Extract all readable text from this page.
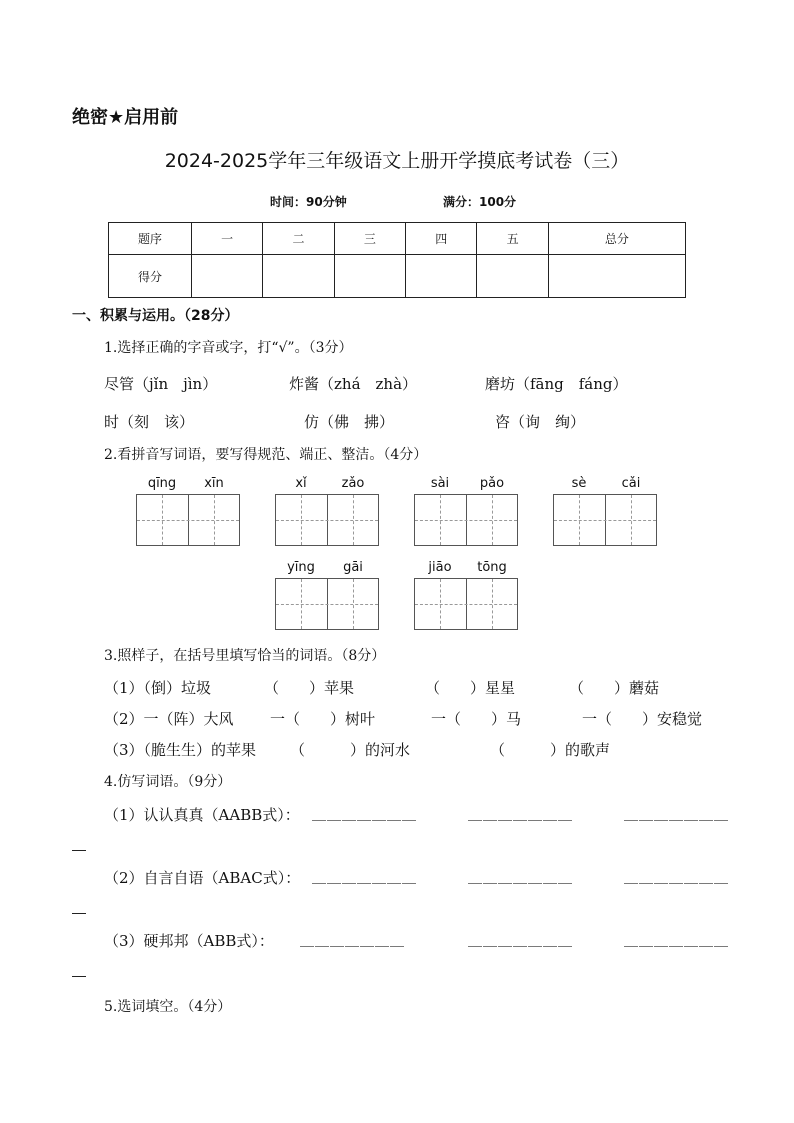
绝密★启用前
2024-2025学年三年级语文上册开学摸底考试卷（三）
时间：90分钟	满分：100分
题序	一	二	三	四	五	总分
得分						
一、积累与运用。（28分）
1.选择正确的字音或字，打“√”。（3分）
尽管（jǐn　jìn）	炸酱（zhá　zhà）	磨坊（fāng　fáng）
时（刻　该）	仿（佛　拂）	咨（询　绚）
2.看拼音写词语，要写得规范、端正、整洁。（4分）
qīng	xīn	xǐ	zǎo	sài	pǎo	sè	cǎi
yīng	gāi	jiāo	tōng
3.照样子，在括号里填写恰当的词语。（8分）
（1）（倒）垃圾	（　　）苹果	（　　）星星	（　　）蘑菇
（2）一（阵）大风 一（　　）树叶	一（　　）马	一（　　）安稳觉
（3）（脆生生）的苹果 （　　　）的河水	（　　　）的歌声
4.仿写词语。（9分）
（1）认认真真（AABB式）： ＿＿＿＿＿＿＿	＿＿＿＿＿＿＿	＿＿＿＿＿＿＿
（2）自言自语（ABAC式）： ＿＿＿＿＿＿＿	＿＿＿＿＿＿＿	＿＿＿＿＿＿＿
（3）硬邦邦（ABB式）： ＿＿＿＿＿＿＿	＿＿＿＿＿＿＿	＿＿＿＿＿＿＿
5.选词填空。（4分）
